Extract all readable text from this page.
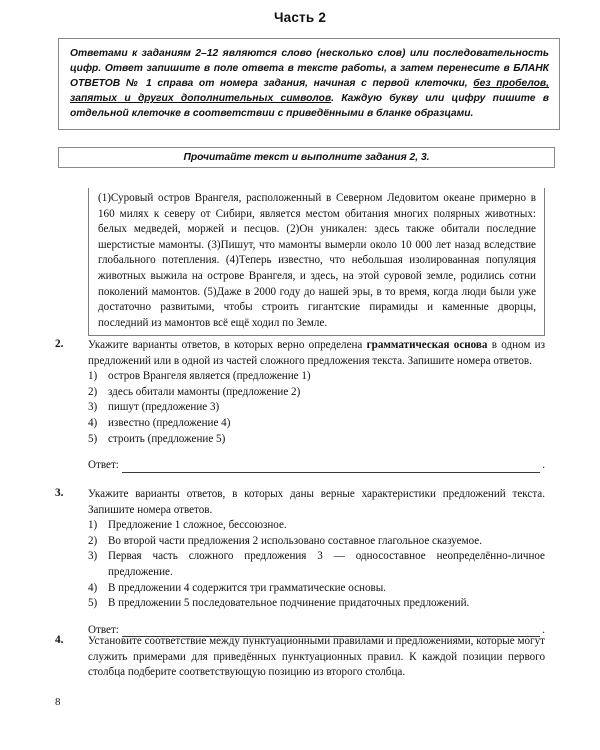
Часть 2
Ответами к заданиям 2–12 являются слово (несколько слов) или последовательность цифр. Ответ запишите в поле ответа в тексте работы, а затем перенесите в БЛАНК ОТВЕТОВ № 1 справа от номера задания, начиная с первой клеточки, без пробелов, запятых и других дополнительных символов. Каждую букву или цифру пишите в отдельной клеточке в соответствии с приведёнными в бланке образцами.
Прочитайте текст и выполните задания 2, 3.
(1)Суровый остров Врангеля, расположенный в Северном Ледовитом океане примерно в 160 милях к северу от Сибири, является местом обитания многих полярных животных: белых медведей, моржей и песцов. (2)Он уникален: здесь также обитали последние шерстистые мамонты. (3)Пишут, что мамонты вымерли около 10 000 лет назад вследствие глобального потепления. (4)Теперь известно, что небольшая изолированная популяция животных выжила на острове Врангеля, и здесь, на этой суровой земле, родились сотни поколений мамонтов. (5)Даже в 2000 году до нашей эры, в то время, когда люди были уже достаточно развитыми, чтобы строить гигантские пирамиды и каменные дворцы, последний из мамонтов всё ещё ходил по Земле.
2.	Укажите варианты ответов, в которых верно определена грамматическая основа в одном из предложений или в одной из частей сложного предложения текста. Запишите номера ответов.
1) остров Врангеля является (предложение 1)
2) здесь обитали мамонты (предложение 2)
3) пишут (предложение 3)
4) известно (предложение 4)
5) строить (предложение 5)
Ответ:	.
3.	Укажите варианты ответов, в которых даны верные характеристики предложений текста. Запишите номера ответов.
1) Предложение 1 сложное, бессоюзное.
2) Во второй части предложения 2 использовано составное глагольное сказуемое.
3) Первая часть сложного предложения 3 — односоставное неопределённо-личное предложение.
4) В предложении 4 содержится три грамматические основы.
5) В предложении 5 последовательное подчинение придаточных предложений.
Ответ:	.
4.	Установите соответствие между пунктуационными правилами и предложениями, которые могут служить примерами для приведённых пунктуационных правил. К каждой позиции первого столбца подберите соответствующую позицию из второго столбца.
8
